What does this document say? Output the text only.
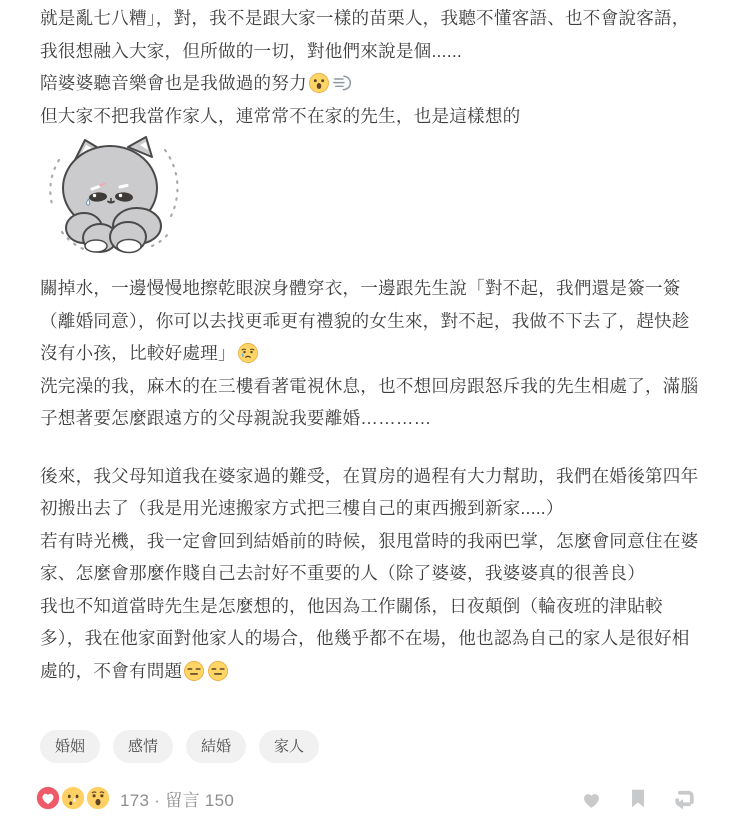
就是亂七八糟」，對，我不是跟大家一樣的苗栗人，我聽不懂客語、也不會說客語，我很想融入大家，但所做的一切，對他們來說是個......
陪婆婆聽音樂會也是我做過的努力
但大家不把我當作家人，連常常不在家的先生，也是這樣想的
關掉水，一邊慢慢地擦乾眼淚身體穿衣，一邊跟先生說「對不起，我們還是簽一簽（離婚同意），你可以去找更乖更有禮貌的女生來，對不起，我做不下去了，趕快趁沒有小孩，比較好處理」
洗完澡的我，麻木的在三樓看著電視休息，也不想回房跟怒斥我的先生相處了，滿腦子想著要怎麼跟遠方的父母親說我要離婚…………
後來，我父母知道我在婆家過的難受，在買房的過程有大力幫助，我們在婚後第四年初搬出去了（我是用光速搬家方式把三樓自己的東西搬到新家.....）
若有時光機，我一定會回到結婚前的時候，狠甩當時的我兩巴掌，怎麼會同意住在婆家、怎麼會那麼作賤自己去討好不重要的人（除了婆婆，我婆婆真的很善良）
我也不知道當時先生是怎麼想的，他因為工作關係，日夜顛倒（輪夜班的津貼較多），我在他家面對他家人的場合，他幾乎都不在場，他也認為自己的家人是很好相處的，不會有問題
婚姻	感情	結婚	家人
173 · 留言 150
